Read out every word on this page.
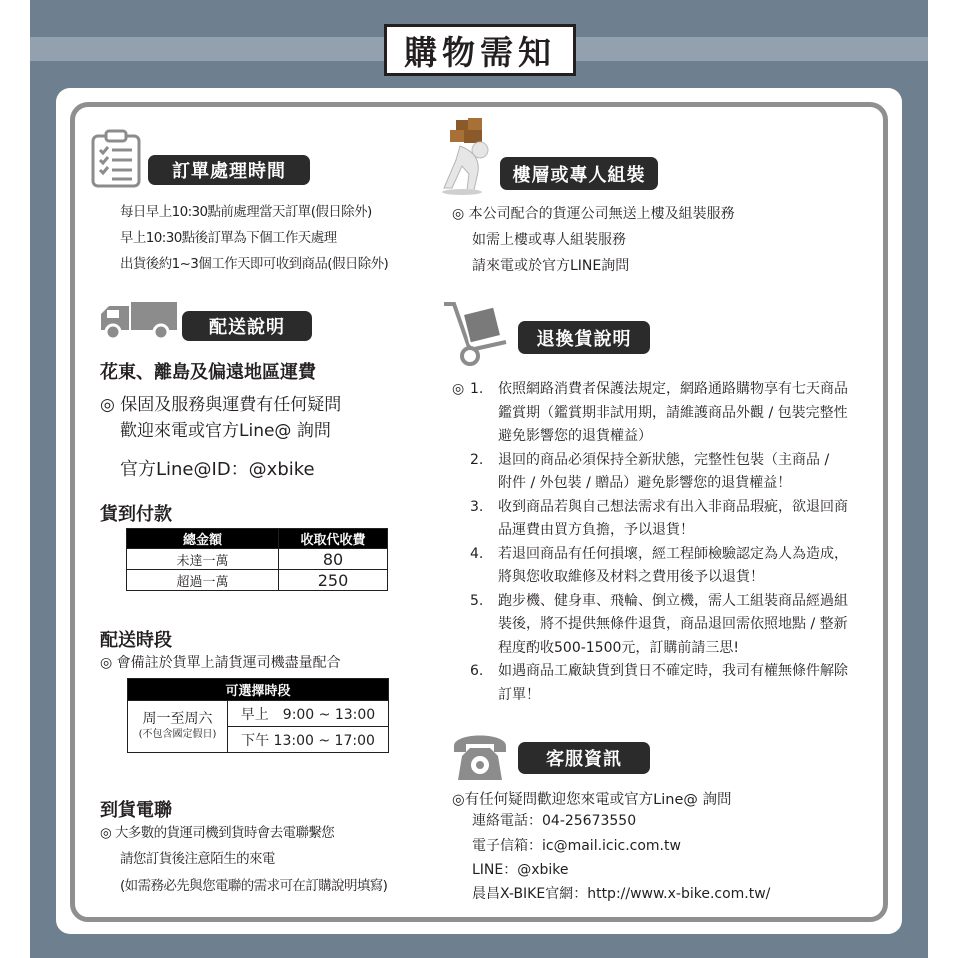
購物需知
訂單處理時間
每日早上10:30點前處理當天訂單(假日除外)
早上10:30點後訂單為下個工作天處理
出貨後約1~3個工作天即可收到商品(假日除外)
樓層或專人組裝
◎ 本公司配合的貨運公司無送上樓及組裝服務
如需上樓或專人組裝服務
請來電或於官方LINE詢問
配送說明
花東、離島及偏遠地區運費
◎ 保固及服務與運費有任何疑問
歡迎來電或官方Line@ 詢問
官方Line@ID：@xbike
貨到付款
總金額	收取代收費
未達一萬	80
超過一萬	250
配送時段
◎ 會備註於貨單上請貨運司機盡量配合
可選擇時段

周一至周六
(不包含國定假日)	早上　9:00 ~ 13:00
下午 13:00 ~ 17:00
到貨電聯
◎ 大多數的貨運司機到貨時會去電聯繫您
請您訂貨後注意陌生的來電
(如需務必先與您電聯的需求可在訂購說明填寫)
退換貨說明
◎ 1.	依照網路消費者保護法規定，網路通路購物享有七天商品
鑑賞期（鑑賞期非試用期，請維護商品外觀 / 包裝完整性
避免影響您的退貨權益）
2.	退回的商品必須保持全新狀態，完整性包裝（主商品 /
附件 / 外包裝 / 贈品）避免影響您的退貨權益！
3.	收到商品若與自己想法需求有出入非商品瑕疵，欲退回商
品運費由買方負擔，予以退貨！
4.	若退回商品有任何損壞，經工程師檢驗認定為人為造成，
將與您收取維修及材料之費用後予以退貨！
5.	跑步機、健身車、飛輪、倒立機，需人工組裝商品經過組
裝後，將不提供無條件退貨，商品退回需依照地點 / 整新
程度酌收500-1500元，訂購前請三思!
6.	如遇商品工廠缺貨到貨日不確定時，我司有權無條件解除
訂單！
客服資訊
◎有任何疑問歡迎您來電或官方Line@ 詢問
連絡電話：04-25673550
電子信箱：ic@mail.icic.com.tw
LINE：@xbike
晨昌X-BIKE官網：http://www.x-bike.com.tw/
